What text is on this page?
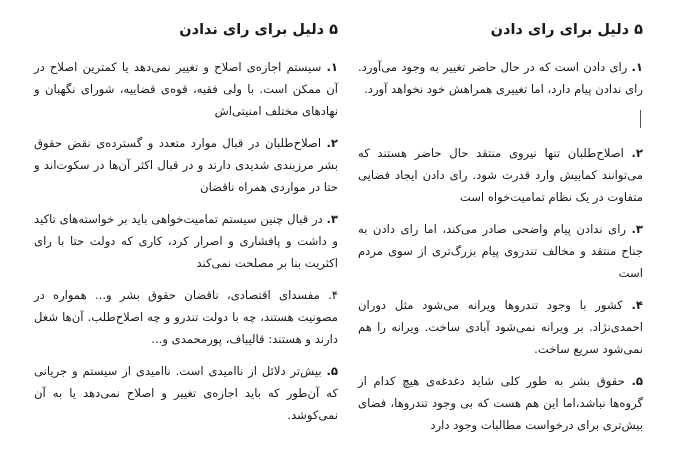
۵ دلیل برای رای دادن

۱. رای دادن است که در حال حاضر تغییر به وجود می‌آورد. رای ندادن پیام دارد، اما تغییری همراهش خود نخواهد آورد.

۲. اصلاح‌طلبان تنها نیروی منتقد حال حاضر هستند که می‌توانند کمابیش وارد قدرت شود. رای دادن ایجاد فضایی متفاوت در یک نظام تمامیت‌خواه است

۳. رای ندادن پیام واضحی صادر می‌کند، اما رای دادن به جناح منتقد و مخالف تندروی پیام بزرگ‌تری از سوی مردم است

۴. کشور با وجود تندروها ویرانه می‌شود مثل دوران احمدی‌نژاد. بر ویرانه نمی‌شود آبادی ساخت. ویرانه را هم نمی‌شود سریع ساخت.

۵. حقوق بشر به طور کلی شاید دغدغه‌ی هیچ کدام از گروه‌ها نباشد،اما این هم هست که بی وجود تندروها، فضای بیش‌تری برای درخواست مطالبات وجود دارد

۵ دلیل برای رای ندادن

۱. سیستم اجازه‌ی اصلاح و تغییر نمی‌دهد یا کمترین اصلاح در آن ممکن است. با ولی فقیه، قوه‌ی قضاییه، شورای نگهبان و نهادهای مختلف امنیتی‌اش

۲. اصلاح‌طلبان در قبال موارد متعدد و گسترده‌ی نقض حقوق بشر مرزبندی شدیدی دارند و در قبال اکثر آن‌ها در سکوت‌اند و حتا در مواردی همراه ناقضان

۳. در قبال چنین سیستم تمامیت‌خواهی باید بر خواسته‌های تاکید و داشت و پافشاری و اصرار کرد، کاری که دولت حتا با رای اکثریت بنا بر مصلحت نمی‌کند

۴. مفسدای اقتصادی، ناقضان حقوق بشر و... همواره در مصونیت هستند، چه با دولت تندرو و چه اصلاح‌طلب. آن‌ها شغل دارند و هستند: قالیباف، پورمحمدی و...

۵. بیش‌تر دلائل از ناامیدی است. ناامیدی از سیستم و جریانی که آن‌طور که باید اجازه‌ی تغییر و اصلاح نمی‌دهد یا به آن نمی‌کوشد.
